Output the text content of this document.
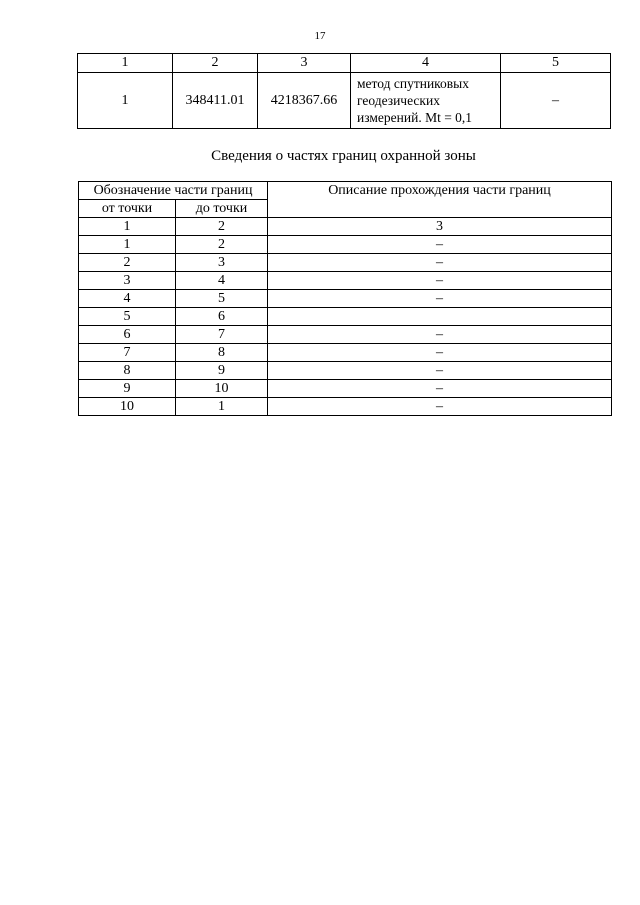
17
1	2	3	4	5
1	348411.01	4218367.66	метод спутниковых
геодезических
измерений. Mt = 0,1	–
Сведения о частях границ охранной зоны
Обозначение части границ		Описание прохождения части границ
от точки	до точки	
1	2	3
1	2	–
2	3	–
3	4	–
4	5	–
5	6	
6	7	–
7	8	–
8	9	–
9	10	–
10	1	–
